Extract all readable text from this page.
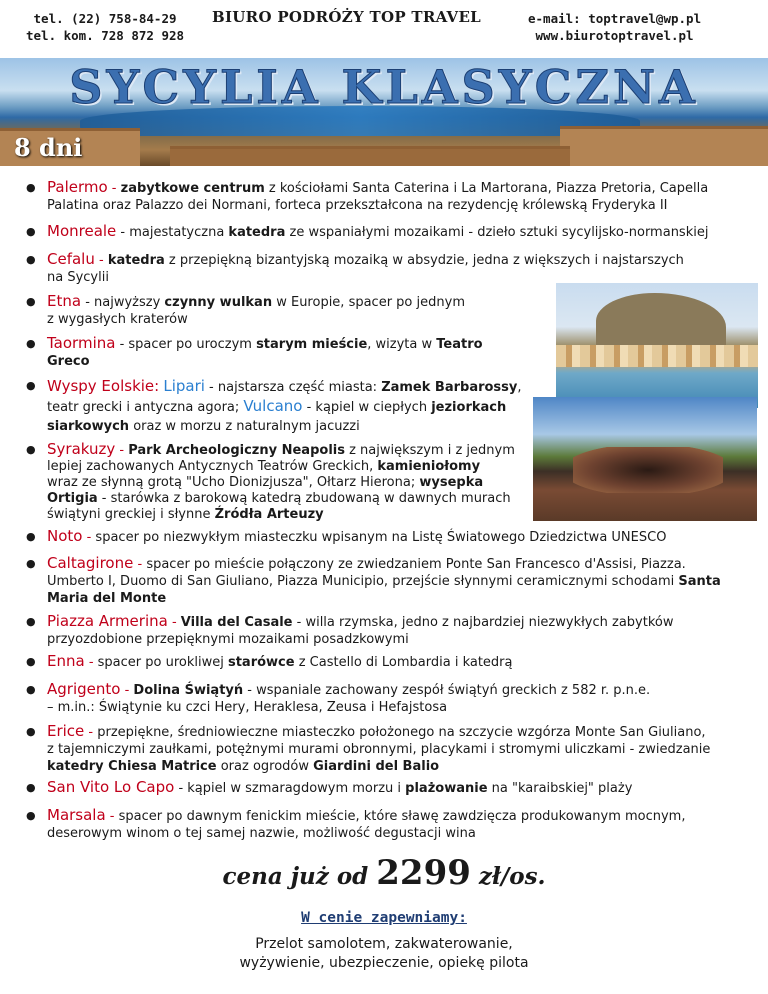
tel. (22) 758-84-29
tel. kom. 728 872 928
BIURO PODRÓŻY TOP TRAVEL	e-mail: toptravel@wp.pl
www.biurotoptravel.pl
SYCYLIA KLASYCZNA
8 dni
● Palermo - zabytkowe centrum z kościołami Santa Caterina i La Martorana, Piazza Pretoria, Capella
Palatina oraz Palazzo dei Normani, forteca przekształcona na rezydencję królewską Fryderyka II
● Monreale - majestatyczna katedra ze wspaniałymi mozaikami - dzieło sztuki sycylijsko-normanskiej
● Cefalu - katedra z przepiękną bizantyjską mozaiką w absydzie, jedna z większych i najstarszych
na Sycylii
● Etna - najwyższy czynny wulkan w Europie, spacer po jednym
z wygasłych kraterów
● Taormina - spacer po uroczym starym mieście, wizyta w Teatro
Greco
● Wyspy Eolskie: Lipari - najstarsza część miasta: Zamek Barbarossy,
teatr grecki i antyczna agora; Vulcano - kąpiel w ciepłych jeziorkach
siarkowych oraz w morzu z naturalnym jacuzzi
● Syrakuzy - Park Archeologiczny Neapolis z największym i z jednym
lepiej zachowanych Antycznych Teatrów Greckich, kamieniołomy
wraz ze słynną grotą "Ucho Dionizjusza", Ołtarz Hierona; wysepka
Ortigia - starówka z barokową katedrą zbudowaną w dawnych murach
świątyni greckiej i słynne Źródła Arteuzy
● Noto - spacer po niezwykłym miasteczku wpisanym na Listę Światowego Dziedzictwa UNESCO
● Caltagirone - spacer po mieście połączony ze zwiedzaniem Ponte San Francesco d'Assisi, Piazza.
Umberto I, Duomo di San Giuliano, Piazza Municipio, przejście słynnymi ceramicznymi schodami Santa
Maria del Monte
● Piazza Armerina - Villa del Casale - willa rzymska, jedno z najbardziej niezwykłych zabytków
przyozdobione przepięknymi mozaikami posadzkowymi
● Enna - spacer po urokliwej starówce z Castello di Lombardia i katedrą
● Agrigento - Dolina Świątyń - wspaniale zachowany zespół świątyń greckich z 582 r. p.n.e.
– m.in.: Świątynie ku czci Hery, Heraklesa, Zeusa i Hefajstosa
● Erice - przepiękne, średniowieczne miasteczko położonego na szczycie wzgórza Monte San Giuliano,
z tajemniczymi zaułkami, potężnymi murami obronnymi, placykami i stromymi uliczkami - zwiedzanie
katedry Chiesa Matrice oraz ogrodów Giardini del Balio
● San Vito Lo Capo - kąpiel w szmaragdowym morzu i plażowanie na "karaibskiej" plaży
● Marsala - spacer po dawnym fenickim mieście, które sławę zawdzięcza produkowanym mocnym,
deserowym winom o tej samej nazwie, możliwość degustacji wina
cena już od 2299 zł/os.
W cenie zapewniamy:
Przelot samolotem, zakwaterowanie,
wyżywienie, ubezpieczenie, opiekę pilota
